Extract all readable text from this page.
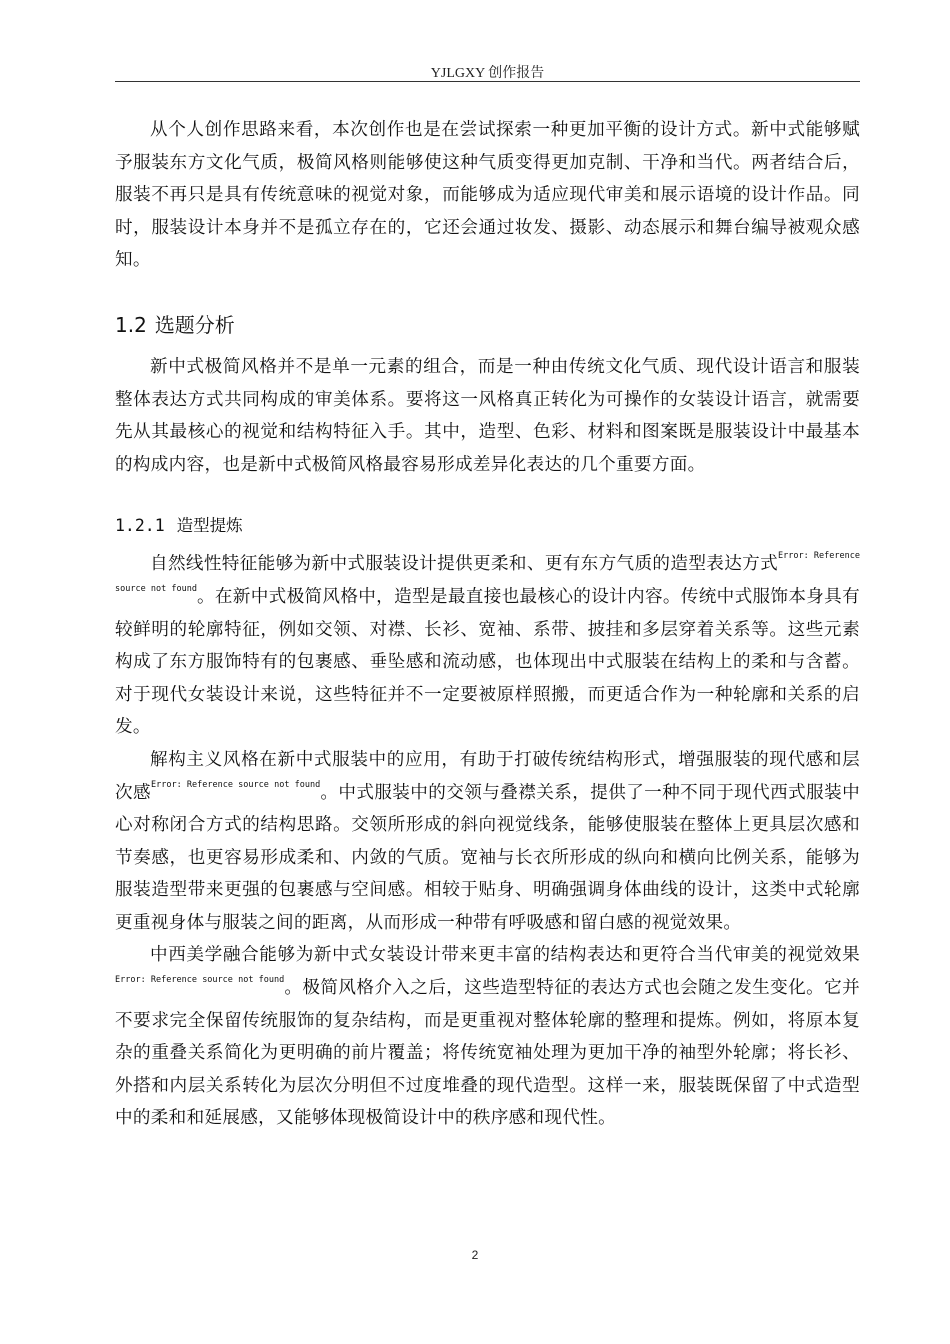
YJLGXY 创作报告

从个人创作思路来看，本次创作也是在尝试探索一种更加平衡的设计方式。新中式能够赋予服装东方文化气质，极简风格则能够使这种气质变得更加克制、干净和当代。两者结合后，服装不再只是具有传统意味的视觉对象，而能够成为适应现代审美和展示语境的设计作品。同时，服装设计本身并不是孤立存在的，它还会通过妆发、摄影、动态展示和舞台编导被观众感知。

1.2 选题分析

新中式极简风格并不是单一元素的组合，而是一种由传统文化气质、现代设计语言和服装整体表达方式共同构成的审美体系。要将这一风格真正转化为可操作的女装设计语言，就需要先从其最核心的视觉和结构特征入手。其中，造型、色彩、材料和图案既是服装设计中最基本的构成内容，也是新中式极简风格最容易形成差异化表达的几个重要方面。

1.2.1 造型提炼

自然线性特征能够为新中式服装设计提供更柔和、更有东方气质的造型表达方式$^{Error: Reference source not found}$。在新中式极简风格中，造型是最直接也最核心的设计内容。传统中式服饰本身具有较鲜明的轮廓特征，例如交领、对襟、长衫、宽袖、系带、披挂和多层穿着关系等。这些元素构成了东方服饰特有的包裹感、垂坠感和流动感，也体现出中式服装在结构上的柔和与含蓄。对于现代女装设计来说，这些特征并不一定要被原样照搬，而更适合作为一种轮廓和关系的启发。

解构主义风格在新中式服装中的应用，有助于打破传统结构形式，增强服装的现代感和层次感$^{Error: Reference source not found}$。中式服装中的交领与叠襟关系，提供了一种不同于现代西式服装中心对称闭合方式的结构思路。交领所形成的斜向视觉线条，能够使服装在整体上更具层次感和节奏感，也更容易形成柔和、内敛的气质。宽袖与长衣所形成的纵向和横向比例关系，能够为服装造型带来更强的包裹感与空间感。相较于贴身、明确强调身体曲线的设计，这类中式轮廓更重视身体与服装之间的距离，从而形成一种带有呼吸感和留白感的视觉效果。

中西美学融合能够为新中式女装设计带来更丰富的结构表达和更符合当代审美的视觉效果$^{Error: Reference source not found}$。极简风格介入之后，这些造型特征的表达方式也会随之发生变化。它并不要求完全保留传统服饰的复杂结构，而是更重视对整体轮廓的整理和提炼。例如，将原本复杂的重叠关系简化为更明确的前片覆盖；将传统宽袖处理为更加干净的袖型外轮廓；将长衫、外搭和内层关系转化为层次分明但不过度堆叠的现代造型。这样一来，服装既保留了中式造型中的柔和和延展感，又能够体现极简设计中的秩序感和现代性。

2
